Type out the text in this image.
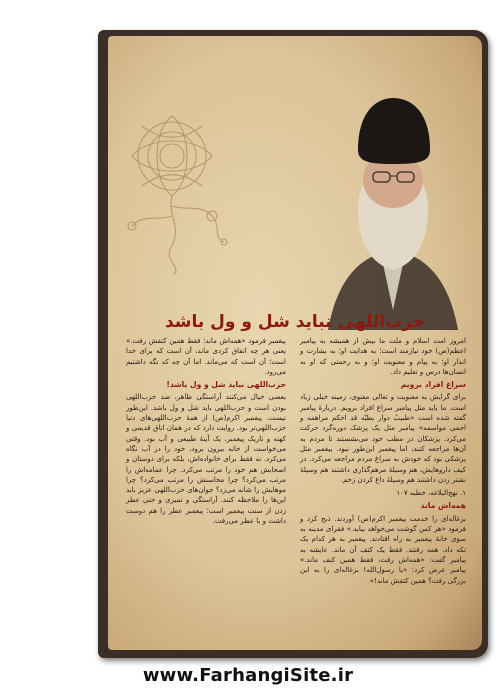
حزب‌اللهی نباید شل و ول باشد

امروز امت اسلام و ملت ما بیش از همیشه به پیامبر اعظم(ص) خود نیازمند است؛ به هدایت او؛ به بشارت و انذار او؛ به پیام و معنویت او؛ و به رحمتی که او به انسان‌ها درس و تعلیم داد.

سراغ افراد برویم

برای گرایش به معنویت و تعالی معنوی، زمینه خیلی زیاد است. ما باید مثل پیامبر سراغ افراد برویم. دربارهٔ پیامبر گفته شده است «طبیبٌ دوار بطبّه قد احکم مراهمه و احمی مواسمه» پیامبر مثل یک پزشک دوره‌گرد حرکت می‌کرد. پزشکان در مطب خود می‌نشستند تا مردم به آن‌ها مراجعه کنند، اما پیغمبر این‌طور نبود. پیغمبر مثل پزشکی بود که خودش به سراغ مردم مراجعه می‌کرد. در کیف داروهایش، هم وسیلهٔ مرهم‌گذاری داشتند هم وسیلهٔ نشتر زدن داشتند هم وسیلهٔ داغ کردن زخم.

۱. نهج‌البلاغه، خطبه ۱۰۷

همه‌اش ماند

بزغاله‌ای را خدمت پیغمبر اکرم(ص) آوردند. ذبح کرد و فرمود «هر کس گوشت می‌خواهد بیاید.» فقرای مدینه به سوی خانهٔ پیغمبر به راه افتادند. پیغمبر به هر کدام یک تکه داد. همه رفتند. فقط یک کتف آن ماند. عایشه به پیامبر گفت: «همه‌اش رفت، فقط همین کتف ماند.» پیامبر عرض کرد: «یا رسول‌الله! بزغاله‌ای را به این بزرگی رفت؟ همین کتفش ماند!»

پیغمبر فرمود «همه‌اش ماند؛ فقط همین کتفش رفت.» یعنی هر چه انفاق کردی ماند، آن است که برای خدا است؛ آن است که می‌ماند. اما آن چه که نگه داشتیم می‌رود.

حزب‌اللهی نباید شل و ول باشد!

بعضی خیال می‌کنند آراستگی ظاهر، ضد حزب‌اللهی بودن است و حزب‌اللهی باید شل و ول باشد. این‌طور نیست. پیغمبر اکرم(ص) از همهٔ حزب‌اللهی‌های دنیا حزب‌اللهی‌تر بود. روایت دارد که در همان اتاق قدیمی و کهنه و تاریک پیغمبر، یک آینهٔ طبیعی و آب بود. وقتی می‌خواست از خانه بیرون برود، خود را در آب نگاه می‌کرد. نه فقط برای خانواده‌اش، بلکه برای دوستان و اصحابش هم خود را مرتب می‌کرد. چرا عمامه‌اش را مرتب می‌کرد؟ چرا محاسنش را مرتب می‌کرد؟ چرا موهایش را شانه می‌زد؟ جوان‌های حزب‌اللهی عزیز باید این‌ها را ملاحظه کنند. آراستگی و تمیزی و حتی عطر زدن از سنت پیغمبر است؛ پیغمبر عطر را هم دوست داشت و با عطر می‌رفت.

www.FarhangiSite.ir
